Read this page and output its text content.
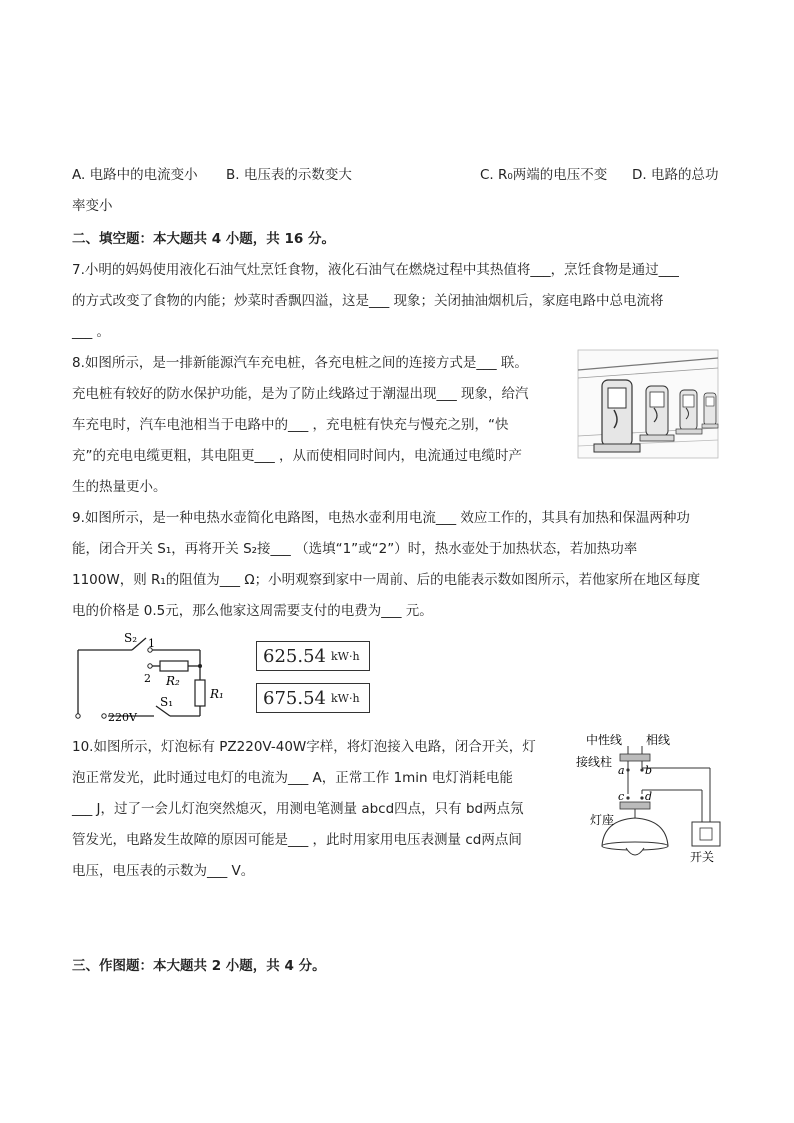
A. 电路中的电流变小 B. 电压表的示数变大	C. R₀两端的电压不变 D. 电路的总功
率变小
二、填空题：本大题共 4 小题，共 16 分。
7.小明的妈妈使用液化石油气灶烹饪食物，液化石油气在燃烧过程中其热值将___，烹饪食物是通过___
的方式改变了食物的内能；炒菜时香飘四溢，这是___ 现象；关闭抽油烟机后，家庭电路中总电流将
___ 。
8.如图所示，是一排新能源汽车充电桩，各充电桩之间的连接方式是___ 联。
充电桩有较好的防水保护功能，是为了防止线路过于潮湿出现___ 现象，给汽
车充电时，汽车电池相当于电路中的___ ，充电桩有快充与慢充之别，“快
充”的充电电缆更粗，其电阻更___ ，从而使相同时间内，电流通过电缆时产
生的热量更小。
9.如图所示，是一种电热水壶简化电路图，电热水壶利用电流___ 效应工作的，其具有加热和保温两种功
能，闭合开关 S₁，再将开关 S₂接___ （选填“1”或“2”）时，热水壶处于加热状态，若加热功率
1100W，则 R₁的阻值为___ Ω；小明观察到家中一周前、后的电能表示数如图所示，若他家所在地区每度
电的价格是 0.5元，那么他家这周需要支付的电费为___ 元。
S₂ 1
2 R₂
R₁
S₁
220V
625.54 kW·h
675.54 kW·h
10.如图所示，灯泡标有 PZ220V-40W字样，将灯泡接入电路，闭合开关，灯
泡正常发光，此时通过电灯的电流为___ A，正常工作 1min 电灯消耗电能
___ J，过了一会儿灯泡突然熄灭，用测电笔测量 abcd四点，只有 bd两点氖
管发光，电路发生故障的原因可能是___ ，此时用家用电压表测量 cd两点间
电压，电压表的示数为___ V。
中性线 相线
接线柱
a b
c d
灯座
开关
三、作图题：本大题共 2 小题，共 4 分。
